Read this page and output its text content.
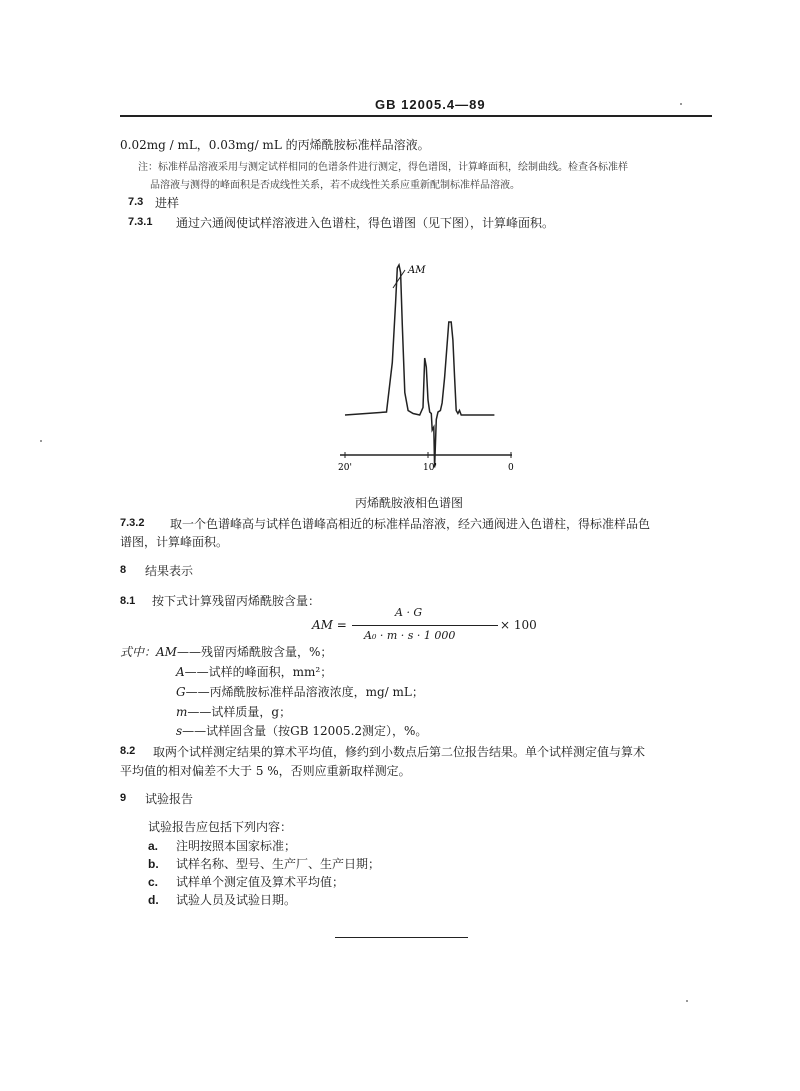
GB 12005.4—89
0.02mg / mL，0.03mg/ mL 的丙烯酰胺标准样品溶液。
注：标准样品溶液采用与测定试样相同的色谱条件进行测定，得色谱图，计算峰面积，绘制曲线。检查各标准样
品溶液与测得的峰面积是否成线性关系，若不成线性关系应重新配制标准样品溶液。
7.3 进样
7.3.1 通过六通阀使试样溶液进入色谱柱，得色谱图（见下图），计算峰面积。
20'	10'	0
AM
丙烯酰胺液相色谱图
7.3.2 取一个色谱峰高与试样色谱峰高相近的标准样品溶液，经六通阀进入色谱柱，得标准样品色
谱图，计算峰面积。
8 结果表示
8.1 按下式计算残留丙烯酰胺含量：
AM =
A · G
A₀ · m · s · 1 000
× 100
式中：AM——残留丙烯酰胺含量，%；
A——试样的峰面积，mm²；
G——丙烯酰胺标准样品溶液浓度，mg/ mL；
m——试样质量，g；
s——试样固含量（按GB 12005.2测定），%。
8.2 取两个试样测定结果的算术平均值，修约到小数点后第二位报告结果。单个试样测定值与算术
平均值的相对偏差不大于 5 %，否则应重新取样测定。
9 试验报告
试验报告应包括下列内容：
a. 注明按照本国家标准；
b. 试样名称、型号、生产厂、生产日期；
c. 试样单个测定值及算术平均值；
d. 试验人员及试验日期。
